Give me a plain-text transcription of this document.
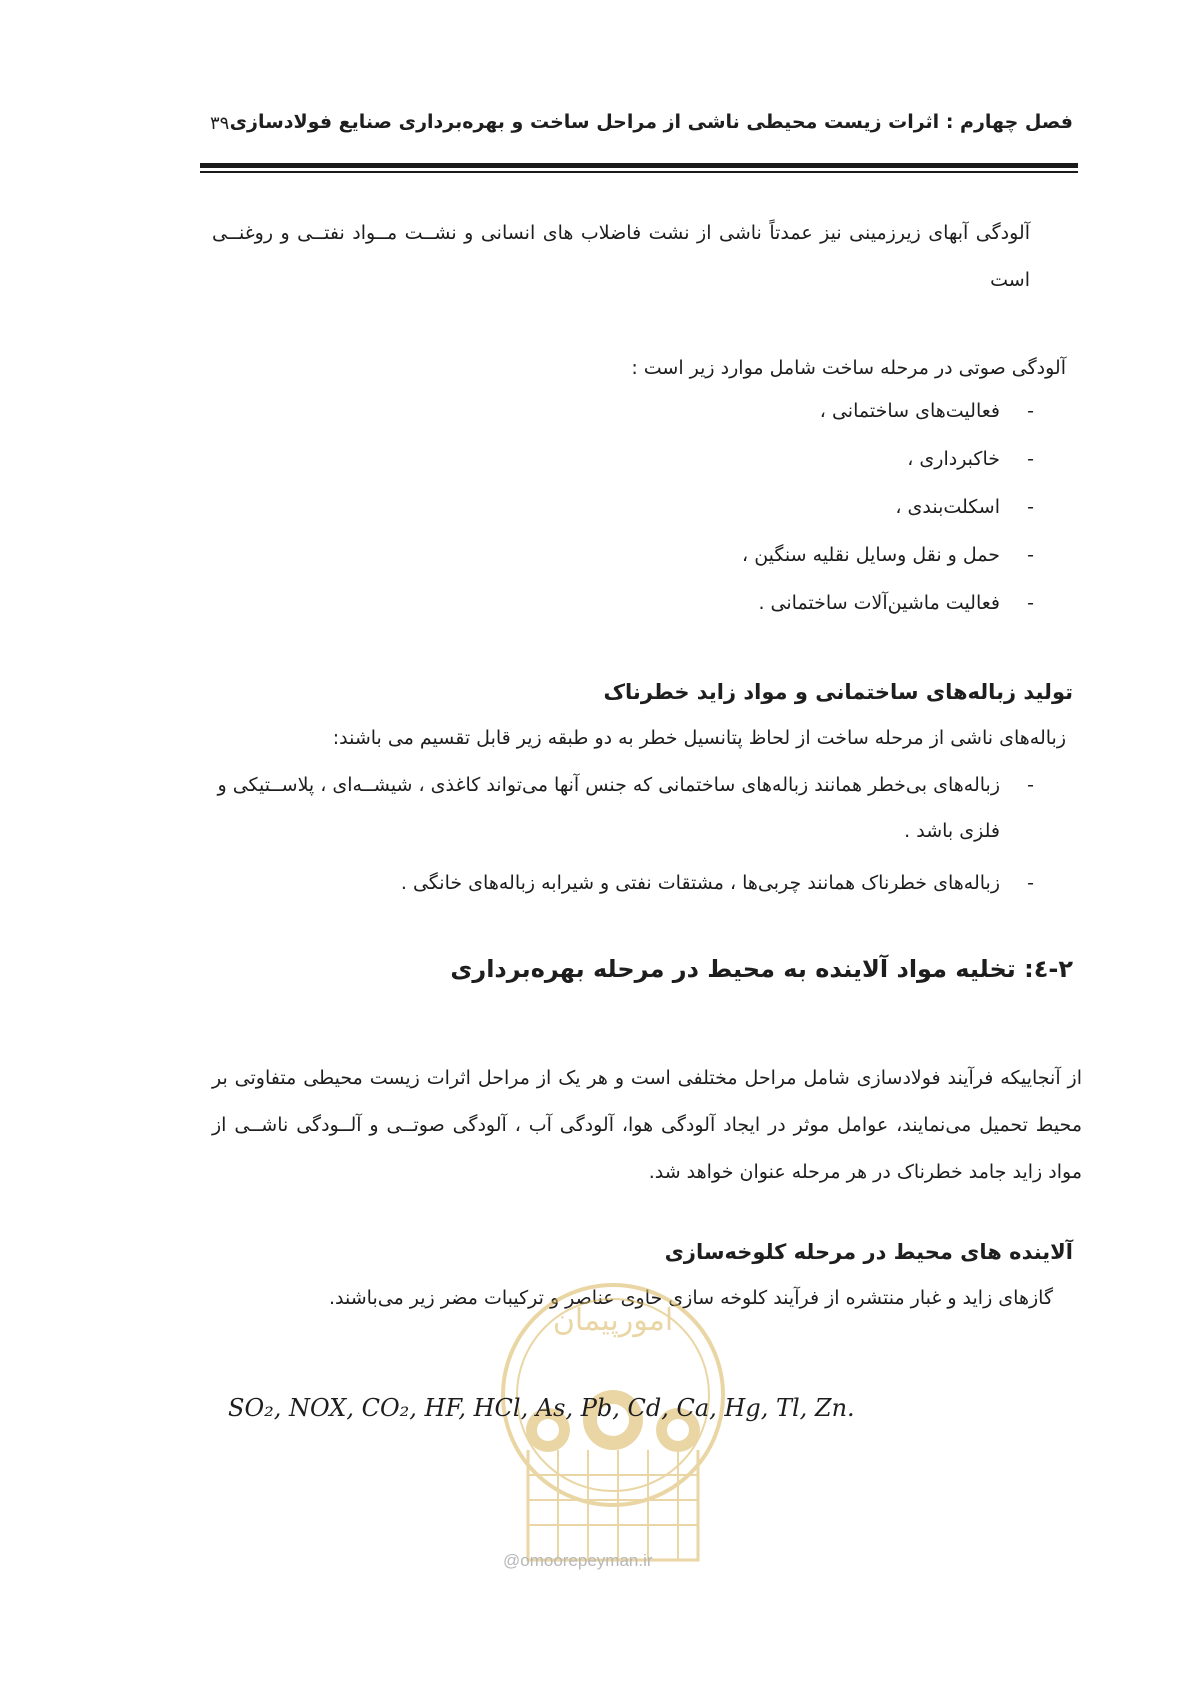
فصل چهارم : اثرات زیست محیطی ناشی از مراحل ساخت و بهره‌برداری صنایع فولادسازی
۳۹
آلودگی آبهای زیرزمینی نیز عمدتاً ناشی از نشت فاضلاب های انسانی و نشــت مــواد نفتــی و روغنــی است
آلودگی صوتی در مرحله ساخت شامل موارد زیر است :
-
فعالیت‌های ساختمانی ،
-
خاکبرداری ،
-
اسکلت‌بندی ،
-
حمل و نقل وسایل نقلیه سنگین ،
-
فعالیت ماشین‌آلات ساختمانی .
تولید زباله‌های ساختمانی و مواد زاید خطرناک
زباله‌های ناشی از مرحله ساخت از لحاظ پتانسیل خطر به دو طبقه زیر قابل تقسیم می باشند:
-
زباله‌های بی‌خطر همانند زباله‌های ساختمانی که جنس آنها می‌تواند کاغذی ، شیشــه‌ای ، پلاســتیکی و فلزی باشد .
-
زباله‌های خطرناک همانند چربی‌ها ، مشتقات نفتی و شیرابه زباله‌های خانگی .
۲-٤: تخلیه مواد آلاینده به محیط در مرحله بهره‌برداری
از آنجاییکه فرآیند فولادسازی شامل مراحل مختلفی است و هر یک از مراحل اثرات زیست محیطی متفاوتی بر محیط تحمیل می‌نمایند، عوامل موثر در ایجاد آلودگی هوا، آلودگی آب ، آلودگی صوتــی و آلــودگی ناشــی از مواد زاید جامد خطرناک در هر مرحله عنوان خواهد شد.
آلاینده های محیط در مرحله کلوخه‌سازی
گازهای زاید و غبار منتشره از فرآیند کلوخه سازی حاوی عناصر و ترکیبات مضر زیر می‌باشند.
امورپیمان
@omoorepeyman.ir
SO₂, NOX, CO₂, HF, HCl, As, Pb, Cd, Ca, Hg, Tl, Zn.
